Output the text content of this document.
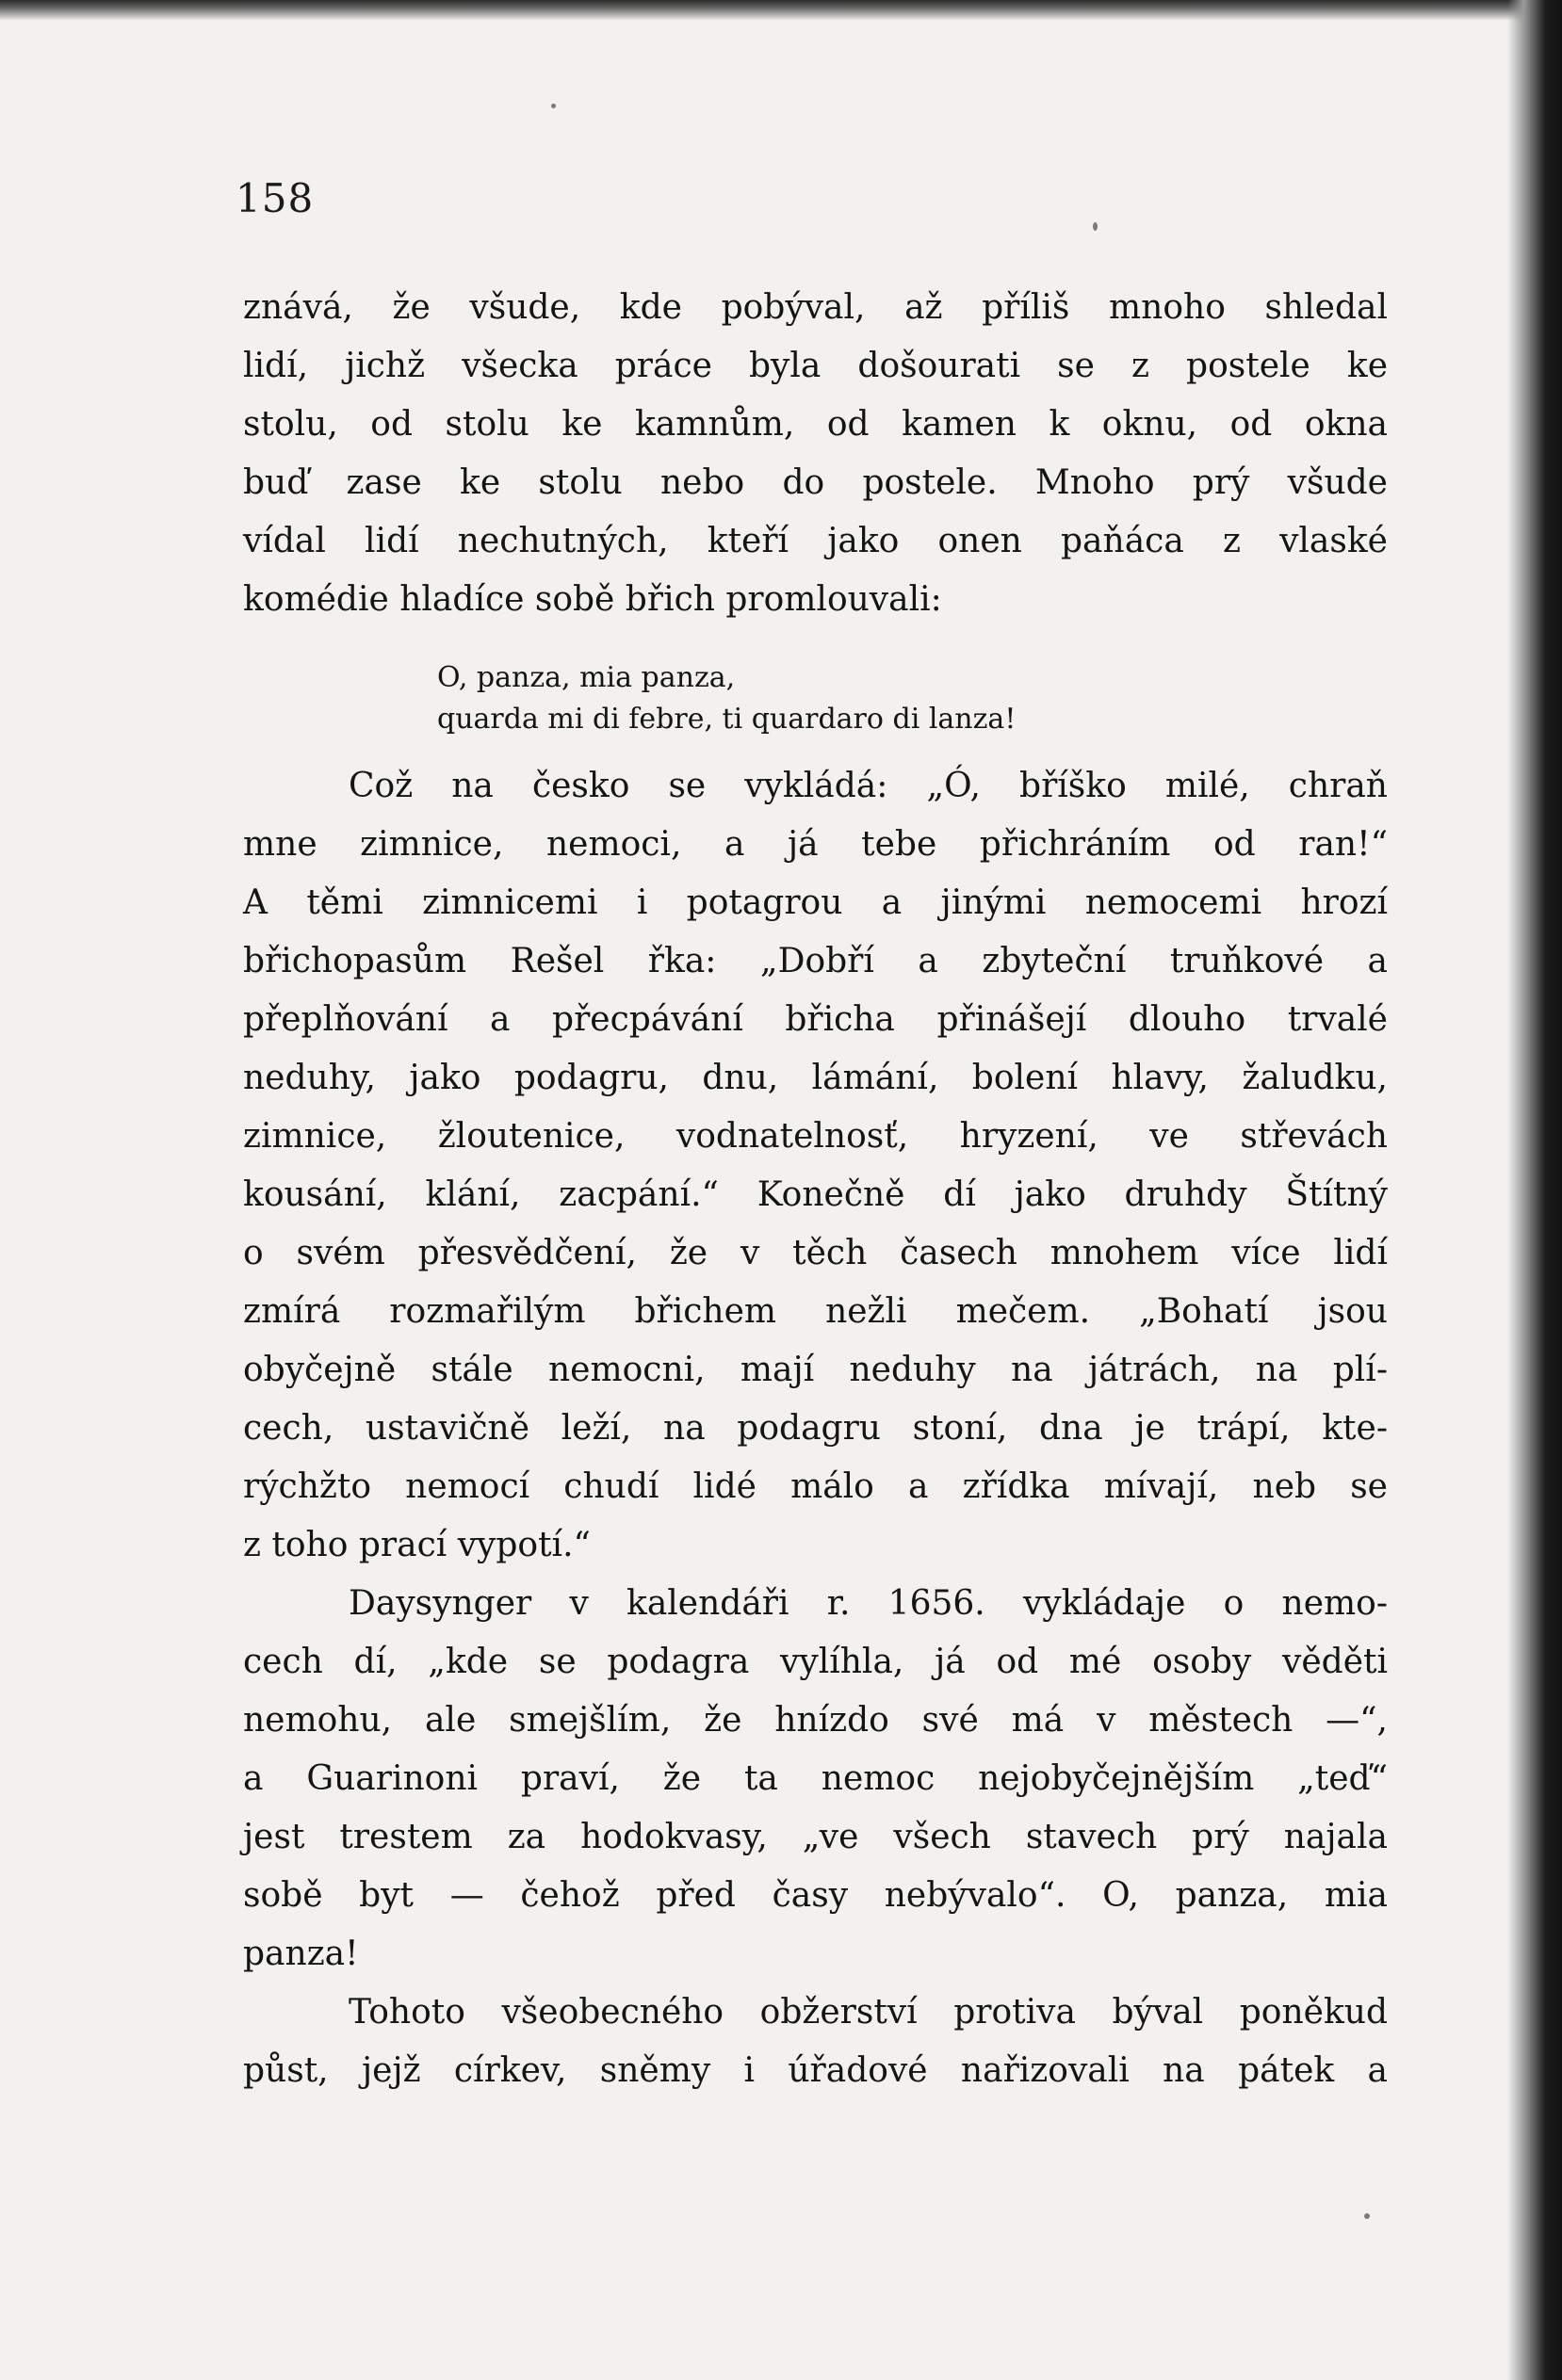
158
znává, že všude, kde pobýval, až příliš mnoho shledal
lidí, jichž všecka práce byla došourati se z postele ke
stolu, od stolu ke kamnům, od kamen k oknu, od okna
buď zase ke stolu nebo do postele. Mnoho prý všude
vídal lidí nechutných, kteří jako onen paňáca z vlaské
komédie hladíce sobě břich promlouvali:
O, panza, mia panza,
quarda mi di febre, ti quardaro di lanza!
Což na česko se vykládá: „Ó, bříško milé, chraň
mne zimnice, nemoci, a já tebe přichráním od ran!“
A těmi zimnicemi i potagrou a jinými nemocemi hrozí
břichopasům Rešel řka: „Dobří a zbyteční truňkové a
přeplňování a přecpávání břicha přinášejí dlouho trvalé
neduhy, jako podagru, dnu, lámání, bolení hlavy, žaludku,
zimnice, žloutenice, vodnatelnosť, hryzení, ve střevách
kousání, klání, zacpání.“ Konečně dí jako druhdy Štítný
o svém přesvědčení, že v těch časech mnohem více lidí
zmírá rozmařilým břichem nežli mečem. „Bohatí jsou
obyčejně stále nemocni, mají neduhy na játrách, na plí-
cech, ustavičně leží, na podagru stoní, dna je trápí, kte-
rýchžto nemocí chudí lidé málo a zřídka mívají, neb se
z toho prací vypotí.“
Daysynger v kalendáři r. 1656. vykládaje o nemo-
cech dí, „kde se podagra vylíhla, já od mé osoby věděti
nemohu, ale smejšlím, že hnízdo své má v městech —“,
a Guarinoni praví, že ta nemoc nejobyčejnějším „teď“
jest trestem za hodokvasy, „ve všech stavech prý najala
sobě byt — čehož před časy nebývalo“. O, panza, mia
panza!
Tohoto všeobecného obžerství protiva býval poněkud
půst, jejž církev, sněmy i úřadové nařizovali na pátek a
